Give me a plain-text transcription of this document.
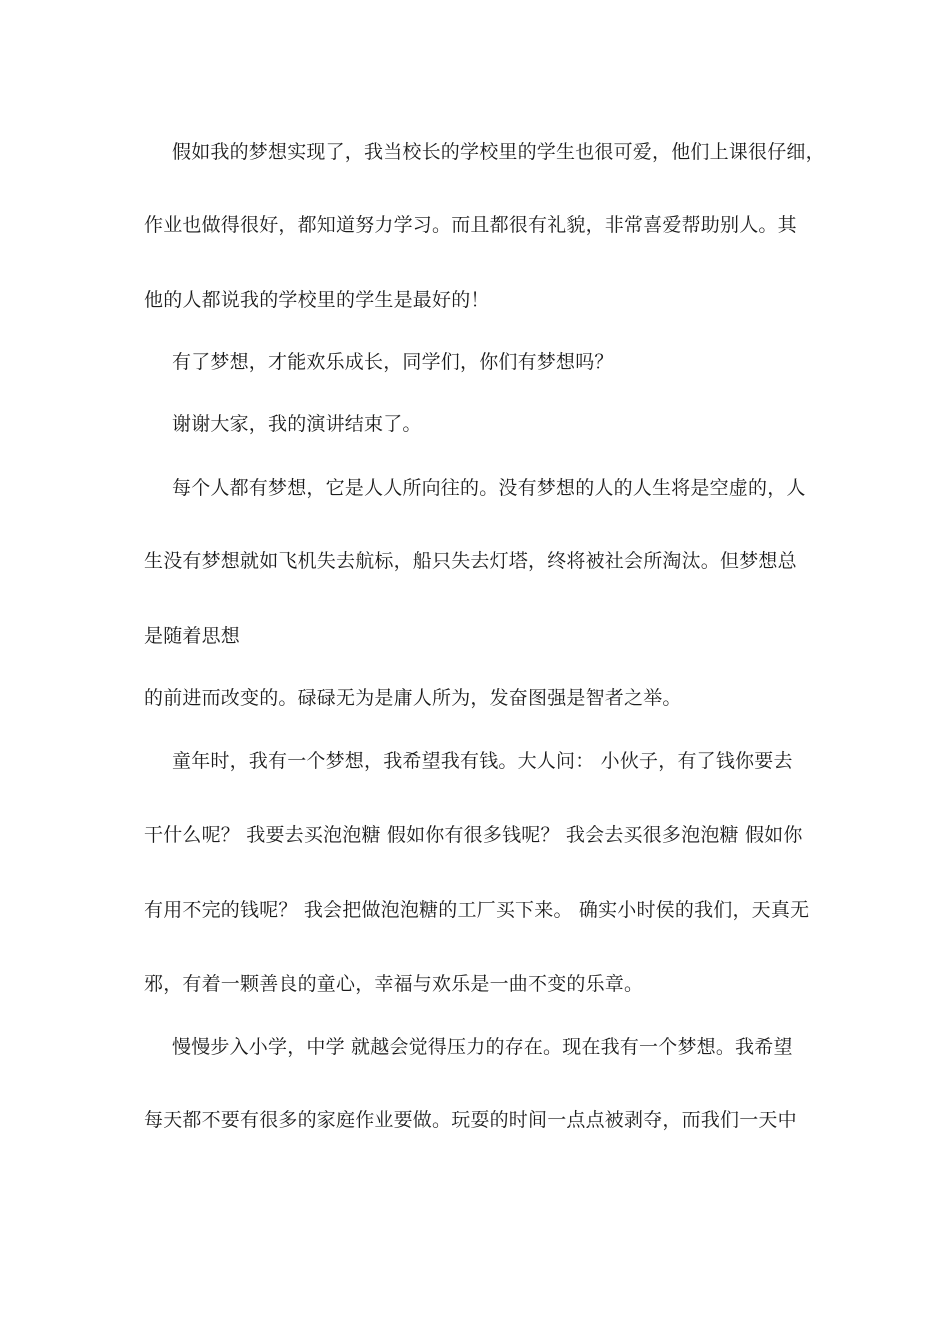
假如我的梦想实现了，我当校长的学校里的学生也很可爱，他们上课很仔细，
作业也做得很好，都知道努力学习。而且都很有礼貌，非常喜爱帮助别人。其
他的人都说我的学校里的学生是最好的！
有了梦想，才能欢乐成长，同学们，你们有梦想吗？
谢谢大家，我的演讲结束了。
每个人都有梦想，它是人人所向往的。没有梦想的人的人生将是空虚的，人
生没有梦想就如飞机失去航标，船只失去灯塔，终将被社会所淘汰。但梦想总
是随着思想
的前进而改变的。碌碌无为是庸人所为，发奋图强是智者之举。
童年时，我有一个梦想，我希望我有钱。大人问： 小伙子，有了钱你要去
干什么呢？ 我要去买泡泡糖 假如你有很多钱呢？ 我会去买很多泡泡糖 假如你
有用不完的钱呢？ 我会把做泡泡糖的工厂买下来。 确实小时侯的我们，天真无
邪，有着一颗善良的童心，幸福与欢乐是一曲不变的乐章。
慢慢步入小学，中学 就越会觉得压力的存在。现在我有一个梦想。我希望
每天都不要有很多的家庭作业要做。玩耍的时间一点点被剥夺，而我们一天中
